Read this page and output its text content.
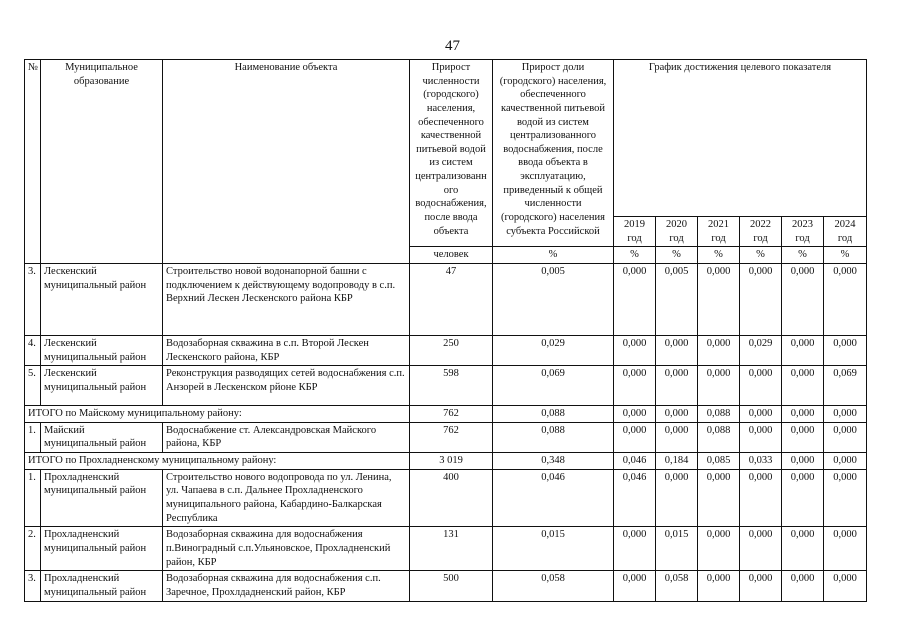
47
№	Муниципальное образование	Наименование объекта	Прирост численности (городского) населения, обеспеченного качественной питьевой водой из систем централизованн ого водоснабжения, после ввода объекта	Прирост доли (городского) населения, обеспеченного качественной питьевой водой из систем централизованного водоснабжения, после ввода объекта в эксплуатацию, приведенный к общей численности (городского) населения субъекта Российской	График достижения целевого показателя					
					2019 год	2020 год	2021 год	2022 год	2023 год	2024 год
			человек	%	%	%	%	%	%	%
3.	Лескенский муниципальный район	Строительство новой водонапорной башни с подключением к действующему водопроводу в с.п. Верхний Лескен Лескенского района КБР	47	0,005	0,000	0,005	0,000	0,000	0,000	0,000
4.	Лескенский муниципальный район	Водозаборная скважина в с.п. Второй Лескен Лескенского района, КБР	250	0,029	0,000	0,000	0,000	0,029	0,000	0,000
5.	Лескенский муниципальный район	Реконструкция разводящих сетей водоснабжения с.п. Анзорей в Лескенском рйоне КБР	598	0,069	0,000	0,000	0,000	0,000	0,000	0,069
ИТОГО по Майскому муниципальному району:			762	0,088	0,000	0,000	0,088	0,000	0,000	0,000
1.	Майский муниципальный район	Водоснабжение ст. Александровская Майского района, КБР	762	0,088	0,000	0,000	0,088	0,000	0,000	0,000
ИТОГО по Прохладненскому муниципальному району:			3 019	0,348	0,046	0,184	0,085	0,033	0,000	0,000
1.	Прохладненский муниципальный район	Строительство нового водопровода по ул. Ленина, ул. Чапаева в с.п. Дальнее Прохладненского муниципального района, Кабардино-Балкарская Республика	400	0,046	0,046	0,000	0,000	0,000	0,000	0,000
2.	Прохладненский муниципальный район	Водозаборная скважина для водоснабжения п.Виноградный с.п.Ульяновское, Прохладненский район, КБР	131	0,015	0,000	0,015	0,000	0,000	0,000	0,000
3.	Прохладненский муниципальный район	Водозаборная скважина для водоснабжения с.п. Заречное, Прохлдадненский район, КБР	500	0,058	0,000	0,058	0,000	0,000	0,000	0,000
